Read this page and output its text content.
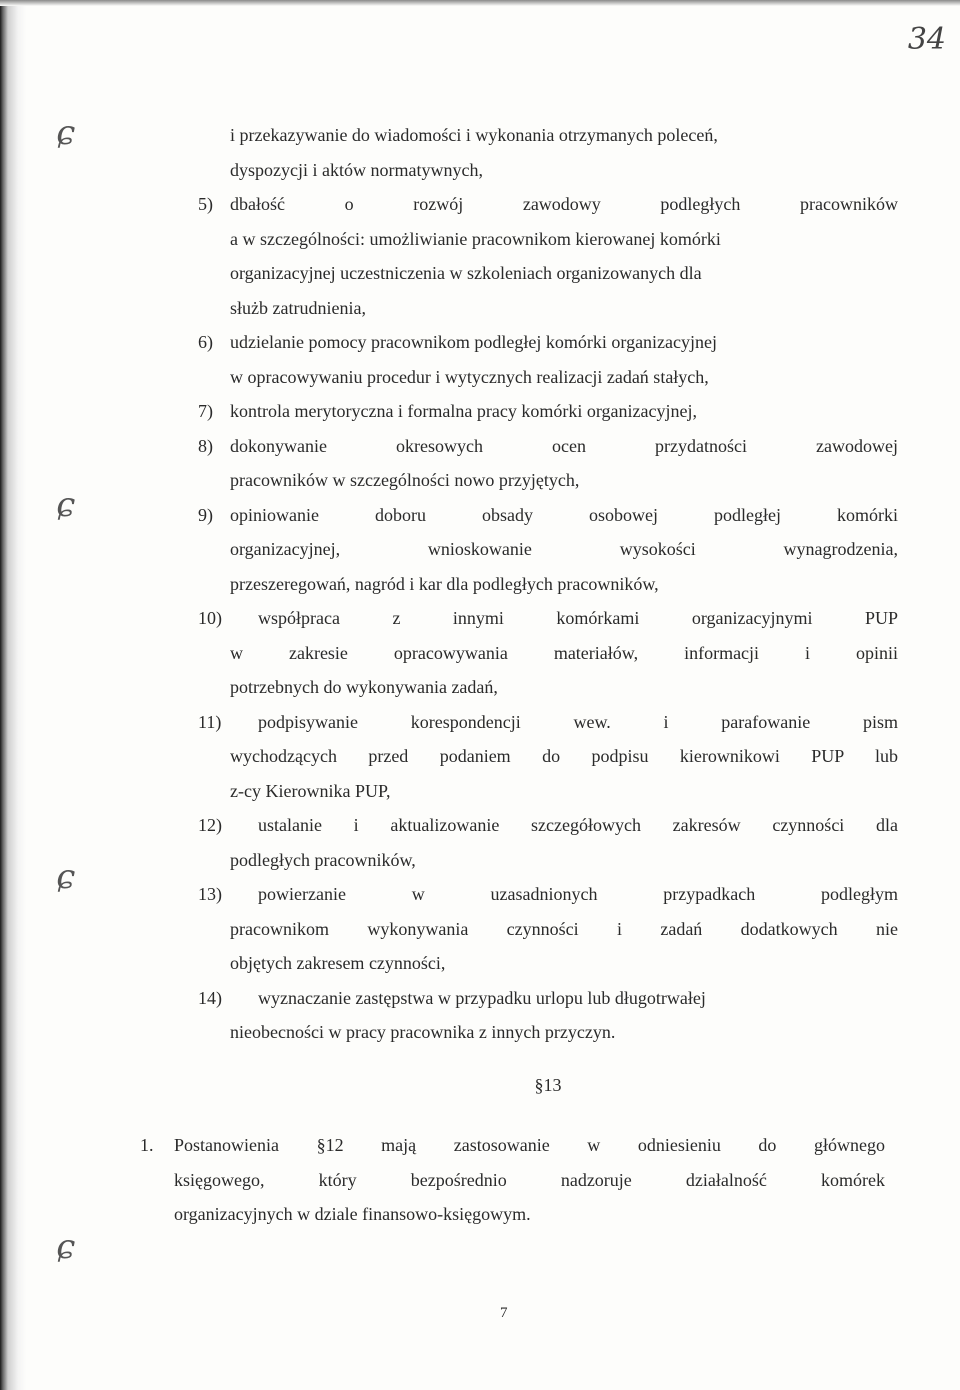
34
ɕ
ɕ
ɕ
ɕ
i przekazywanie do wiadomości i wykonania otrzymanych poleceń,
dyspozycji i aktów normatywnych,
5) dbałość o rozwój zawodowy podległych pracowników
a w szczególności: umożliwianie pracownikom kierowanej komórki
organizacyjnej uczestniczenia w szkoleniach organizowanych dla
służb zatrudnienia,
6) udzielanie pomocy pracownikom podległej komórki organizacyjnej
w opracowywaniu procedur i wytycznych realizacji zadań stałych,
7) kontrola merytoryczna i formalna pracy komórki organizacyjnej,
8) dokonywanie okresowych ocen przydatności zawodowej
pracowników w szczególności nowo przyjętych,
9) opiniowanie doboru obsady osobowej podległej komórki
organizacyjnej, wnioskowanie wysokości wynagrodzenia,
przeszeregowań, nagród i kar dla podległych pracowników,
10) współpraca z innymi komórkami organizacyjnymi PUP
w zakresie opracowywania materiałów, informacji i opinii
potrzebnych do wykonywania zadań,
11) podpisywanie korespondencji wew. i parafowanie pism
wychodzących przed podaniem do podpisu kierownikowi PUP lub
z-cy Kierownika PUP,
12) ustalanie i aktualizowanie szczegółowych zakresów czynności dla
podległych pracowników,
13) powierzanie w uzasadnionych przypadkach podległym
pracownikom wykonywania czynności i zadań dodatkowych nie
objętych zakresem czynności,
14) wyznaczanie zastępstwa w przypadku urlopu lub długotrwałej
nieobecności w pracy pracownika z innych przyczyn.
§13
1. Postanowienia §12 mają zastosowanie w odniesieniu do głównego
księgowego, który bezpośrednio nadzoruje działalność komórek
organizacyjnych w dziale finansowo-księgowym.
7
